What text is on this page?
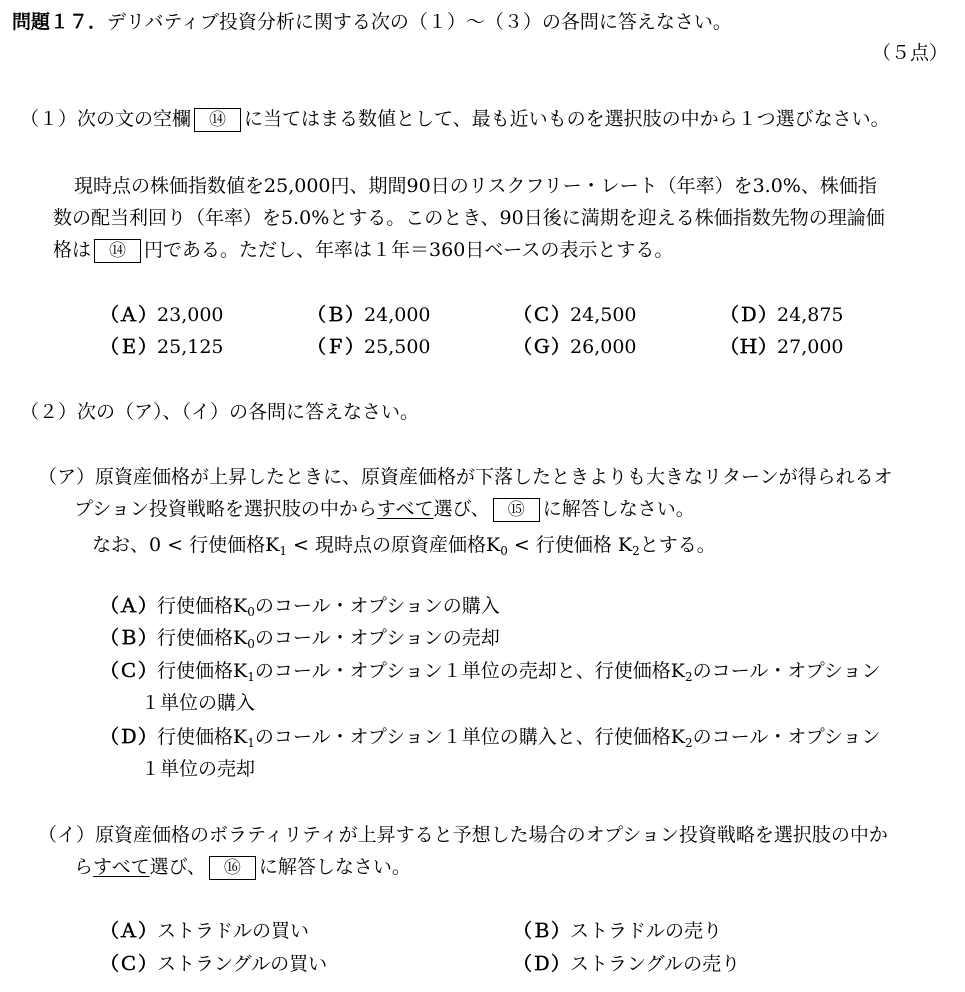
問題１７．デリバティブ投資分析に関する次の（１）～（３）の各問に答えなさい。
（５点）
（１）次の文の空欄 ⑭ に当てはまる数値として、最も近いものを選択肢の中から１つ選びなさい。
現時点の株価指数値を25,000円、期間90日のリスクフリー・レート（年率）を3.0%、株価指
数の配当利回り（年率）を5.0%とする。このとき、90日後に満期を迎える株価指数先物の理論価
格は ⑭ 円である。ただし、年率は１年＝360日ベースの表示とする。
（Ａ）23,000	（Ｂ）24,000	（Ｃ）24,500	（Ｄ）24,875
（Ｅ）25,125	（Ｆ）25,500	（Ｇ）26,000	（Ｈ）27,000
（２）次の（ア）、（イ）の各問に答えなさい。
（ア）原資産価格が上昇したときに、原資産価格が下落したときよりも大きなリターンが得られるオ
プション投資戦略を選択肢の中からすべて選び、 ⑮ に解答しなさい。
なお、0 < 行使価格$K_1$ < 現時点の原資産価格$K_0$ < 行使価格 $K_2$とする。
（Ａ）行使価格$K_0$のコール・オプションの購入
（Ｂ）行使価格$K_0$のコール・オプションの売却
（Ｃ）行使価格$K_1$のコール・オプション１単位の売却と、行使価格$K_2$のコール・オプション
１単位の購入
（Ｄ）行使価格$K_1$のコール・オプション１単位の購入と、行使価格$K_2$のコール・オプション
１単位の売却
（イ）原資産価格のボラティリティが上昇すると予想した場合のオプション投資戦略を選択肢の中か
らすべて選び、 ⑯ に解答しなさい。
（Ａ）ストラドルの買い	（Ｂ）ストラドルの売り
（Ｃ）ストラングルの買い	（Ｄ）ストラングルの売り
